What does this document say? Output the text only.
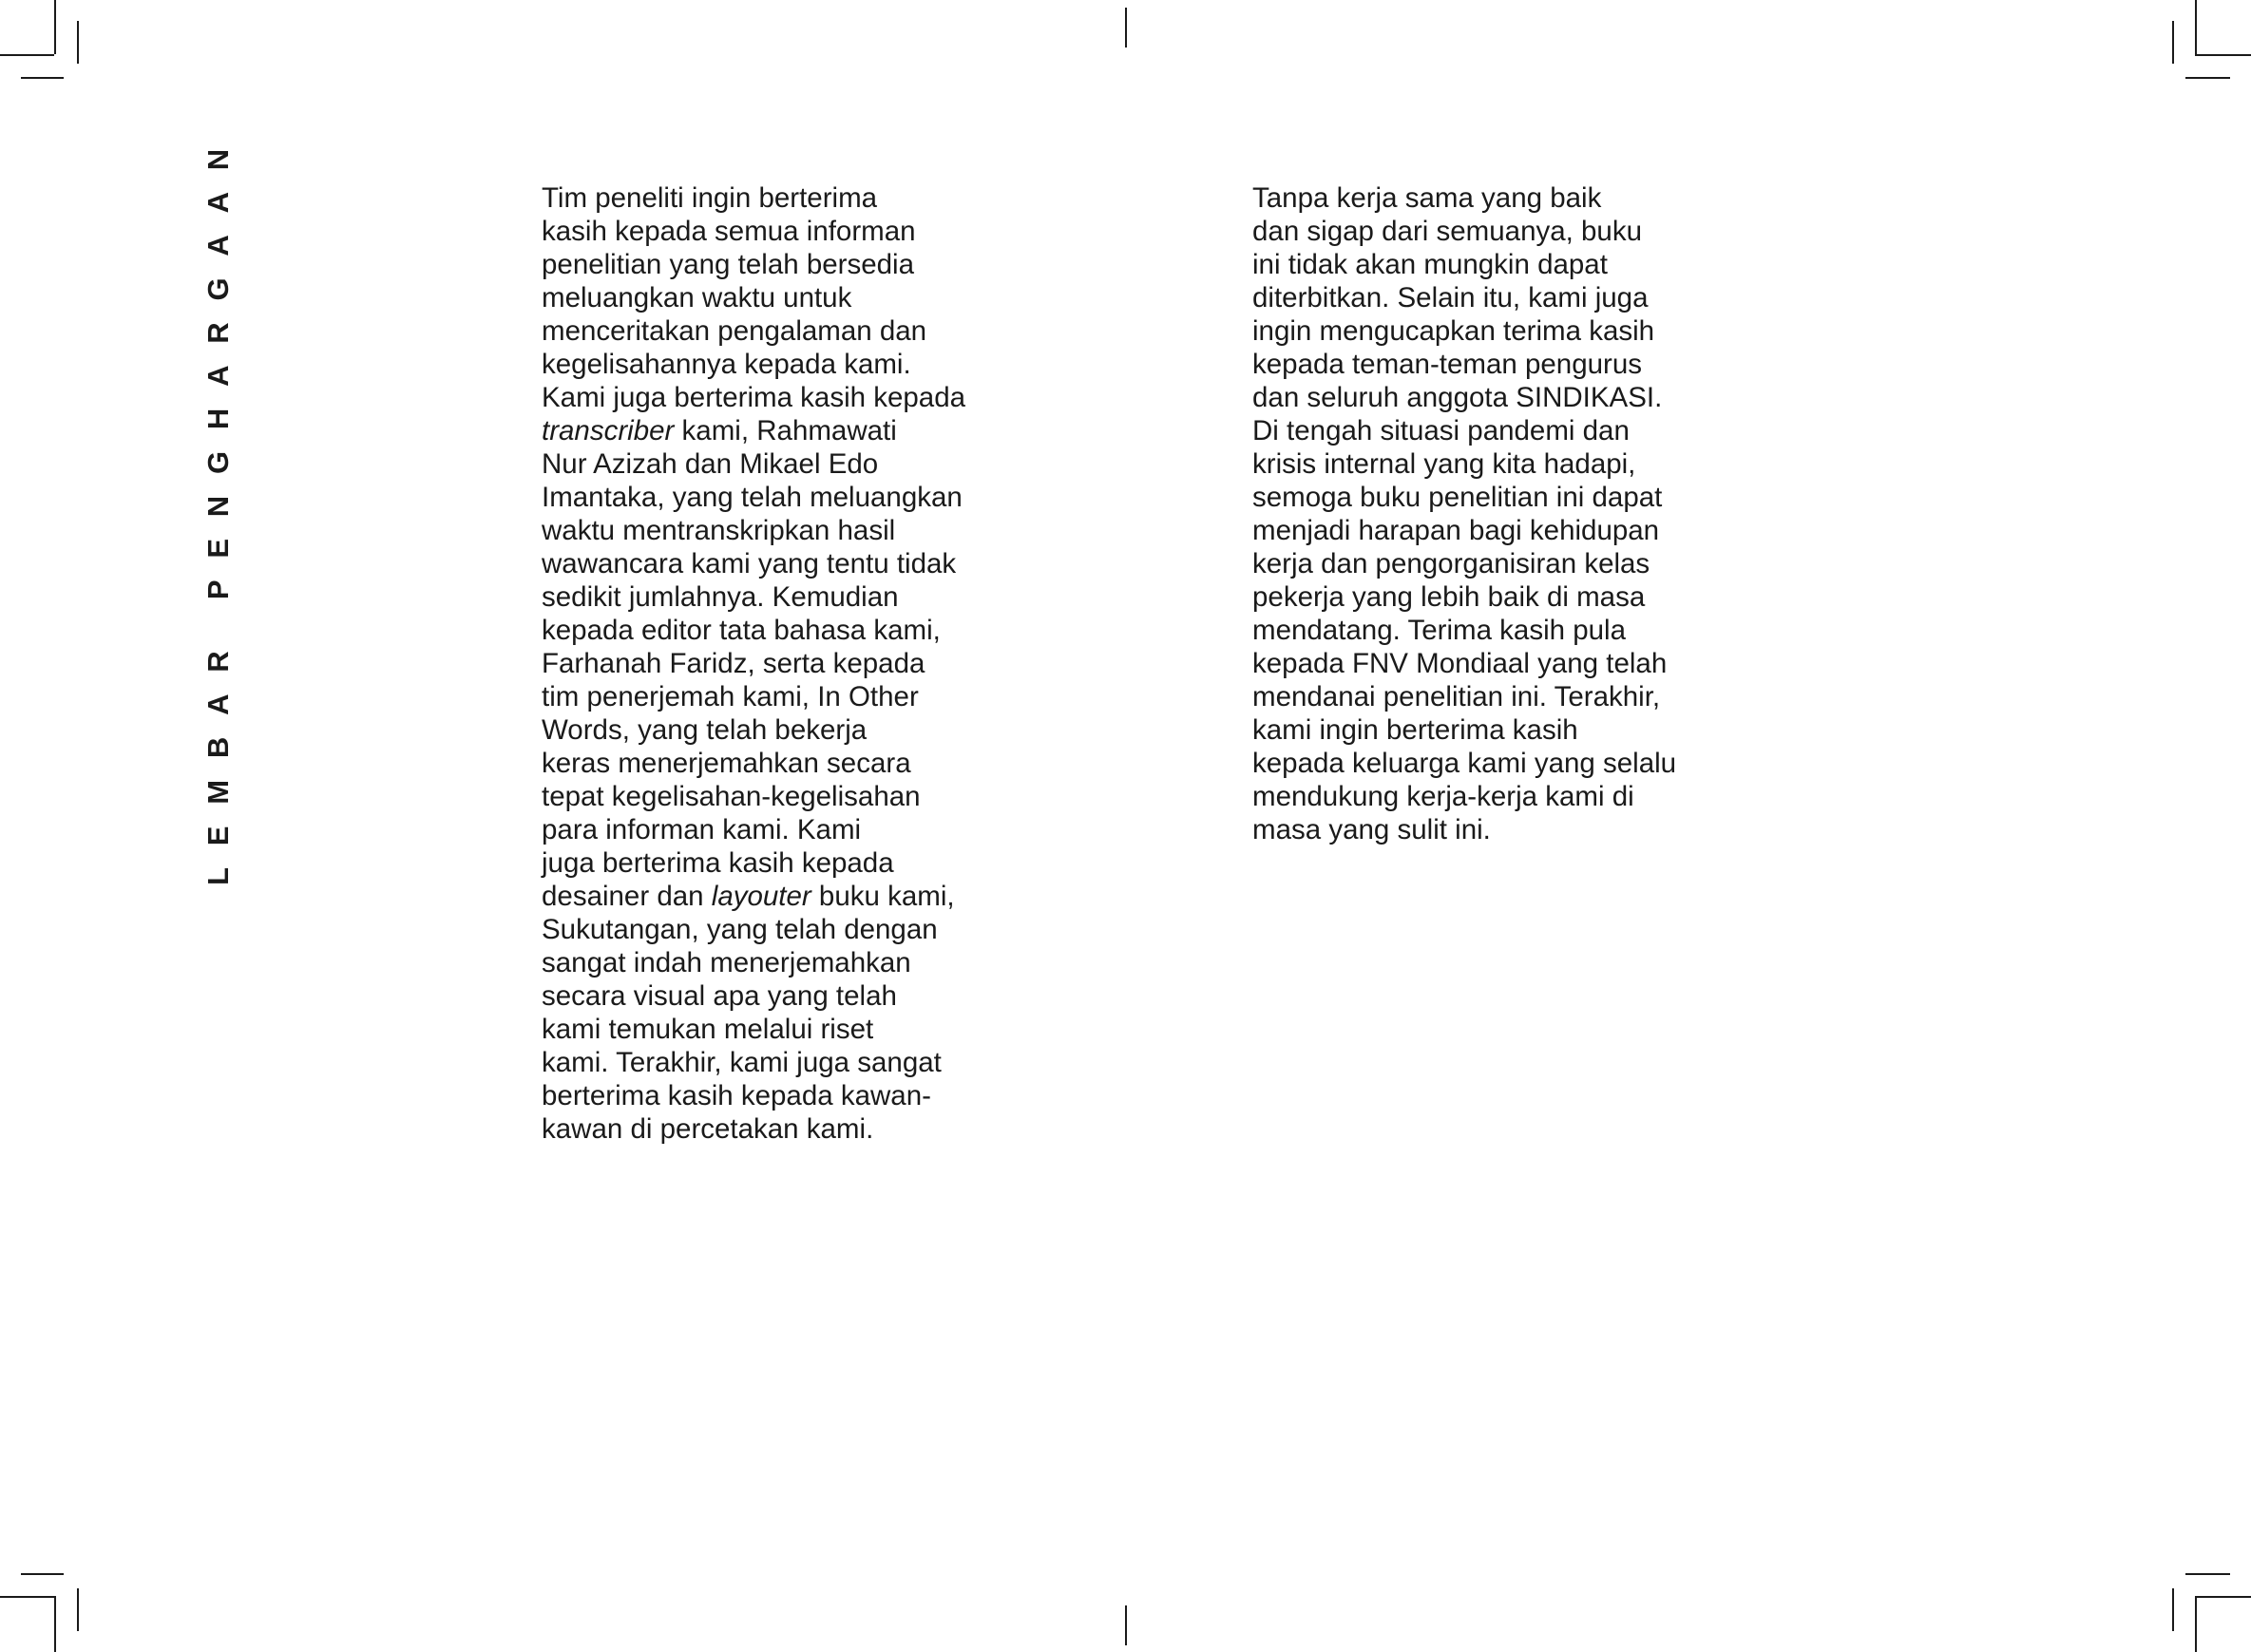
LEMBAR PENGHARGAAN	Tim peneliti ingin berterima
kasih kepada semua informan
penelitian yang telah bersedia
meluangkan waktu untuk
menceritakan pengalaman dan
kegelisahannya kepada kami.
Kami juga berterima kasih kepada
transcriber kami, Rahmawati
Nur Azizah dan Mikael Edo
Imantaka, yang telah meluangkan
waktu mentranskripkan hasil
wawancara kami yang tentu tidak
sedikit jumlahnya. Kemudian
kepada editor tata bahasa kami,
Farhanah Faridz, serta kepada
tim penerjemah kami, In Other
Words, yang telah bekerja
keras menerjemahkan secara
tepat kegelisahan-kegelisahan
para informan kami. Kami
juga berterima kasih kepada
desainer dan layouter buku kami,
Sukutangan, yang telah dengan
sangat indah menerjemahkan
secara visual apa yang telah
kami temukan melalui riset
kami. Terakhir, kami juga sangat
berterima kasih kepada kawan-
kawan di percetakan kami.
Tanpa kerja sama yang baik
dan sigap dari semuanya, buku
ini tidak akan mungkin dapat
diterbitkan. Selain itu, kami juga
ingin mengucapkan terima kasih
kepada teman-teman pengurus
dan seluruh anggota SINDIKASI.
Di tengah situasi pandemi dan
krisis internal yang kita hadapi,
semoga buku penelitian ini dapat
menjadi harapan bagi kehidupan
kerja dan pengorganisiran kelas
pekerja yang lebih baik di masa
mendatang. Terima kasih pula
kepada FNV Mondiaal yang telah
mendanai penelitian ini. Terakhir,
kami ingin berterima kasih
kepada keluarga kami yang selalu
mendukung kerja-kerja kami di
masa yang sulit ini.
